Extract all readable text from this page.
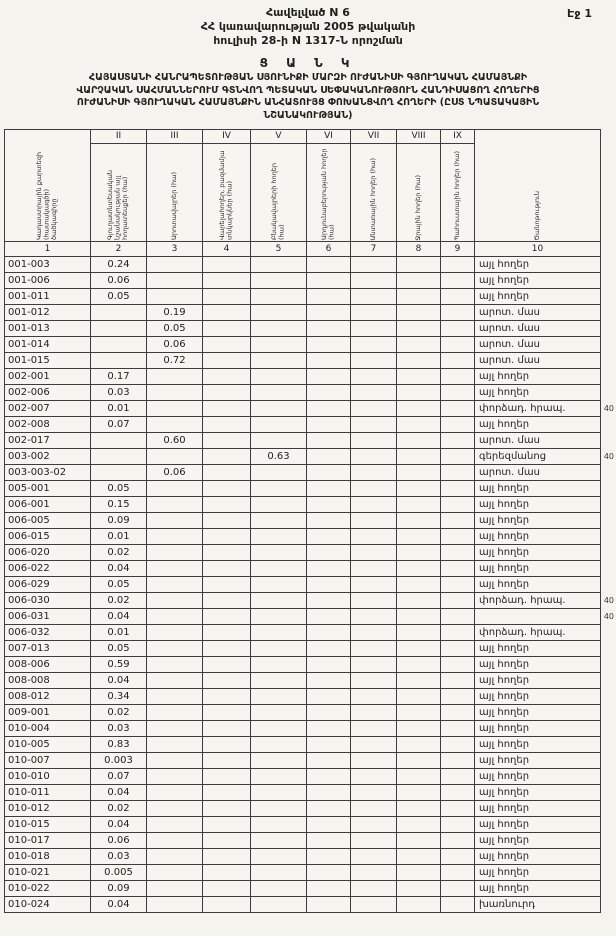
Էջ 1
Հավելված N 6
ՀՀ կառավարության 2005 թվականի
հուլիսի 28-ի N 1317-Ն որոշման
Ց Ա Ն Կ
ՀԱՅԱՍՏԱՆԻ ՀԱՆՐԱՊԵՏՈՒԹՅԱՆ ՍՅՈՒՆԻՔԻ ՄԱՐԶԻ ՈՒԺԱՆԻՍԻ ԳՅՈՒՂԱԿԱՆ ՀԱՄԱՅՆՔԻ
ՎԱՐՉԱԿԱՆ ՍԱՀՄԱՆՆԵՐՈՒՄ ԳՏՆՎՈՂ ՊԵՏԱԿԱՆ ՍԵՓԱԿԱՆՈՒԹՅՈՒՆ ՀԱՆԴԻՍԱՑՈՂ ՀՈՂԵՐԻՑ
ՈՒԺԱՆԻՍԻ ԳՅՈՒՂԱԿԱՆ ՀԱՄԱՅՆՔԻՆ ԱՆՀԱՏՈՒՅՑ ՓՈԽԱՆՑՎՈՂ ՀՈՂԵՐԻ (ԸՍՏ ՆՊԱՏԱԿԱՅԻՆ
ՆՇԱՆԱԿՈՒԹՅԱՆ)
Կադաստրային քարտեզի (հատակագծի) ծածկագիրը	II	III	IV	V	VI	VII	VIII	IX	Ծանոթություն

	Գյուղատնտեսական նշանակության այլ հողատեսքեր (հա)	Արոտավայրեր (հա)	Վարելահողեր, բազմամյա տնկարկներ (հա)	Բնակավայրերի հողեր (հա)	Արդյունաբերության հողեր (հա)	Անտառային հողեր (հա)	Ջրային հողեր (հա)	Պահուստային հողեր (հա)	

1	2	3	4	5	6	7	8	9	10
001-003	0.24								այլ հողեր
001-006	0.06								այլ հողեր
001-011	0.05								այլ հողեր
001-012		0.19							արոտ. մաս
001-013		0.05							արոտ. մաս
001-014		0.06							արոտ. մաս
001-015		0.72							արոտ. մաս
002-001	0.17								այլ հողեր
002-006	0.03								այլ հողեր
002-007	0.01								փորձադ. հրապ. 40

002-008	0.07								այլ հողեր
002-017		0.60							արոտ. մաս
003-002				0.63					գերեզմանոց 40

003-003-02		0.06							արոտ. մաս
005-001	0.05								այլ հողեր
006-001	0.15								այլ հողեր
006-005	0.09								այլ հողեր
006-015	0.01								այլ հողեր
006-020	0.02								այլ հողեր
006-022	0.04								այլ հողեր
006-029	0.05								այլ հողեր
006-030	0.02								փորձադ. հրապ. 40

006-031	0.04								40

006-032	0.01								փորձադ. հրապ.
007-013	0.05								այլ հողեր
008-006	0.59								այլ հողեր
008-008	0.04								այլ հողեր
008-012	0.34								այլ հողեր
009-001	0.02								այլ հողեր
010-004	0.03								այլ հողեր
010-005	0.83								այլ հողեր
010-007	0.003								այլ հողեր
010-010	0.07								այլ հողեր
010-011	0.04								այլ հողեր
010-012	0.02								այլ հողեր
010-015	0.04								այլ հողեր
010-017	0.06								այլ հողեր
010-018	0.03								այլ հողեր
010-021	0.005								այլ հողեր
010-022	0.09								այլ հողեր
010-024	0.04								խառնուրդ
